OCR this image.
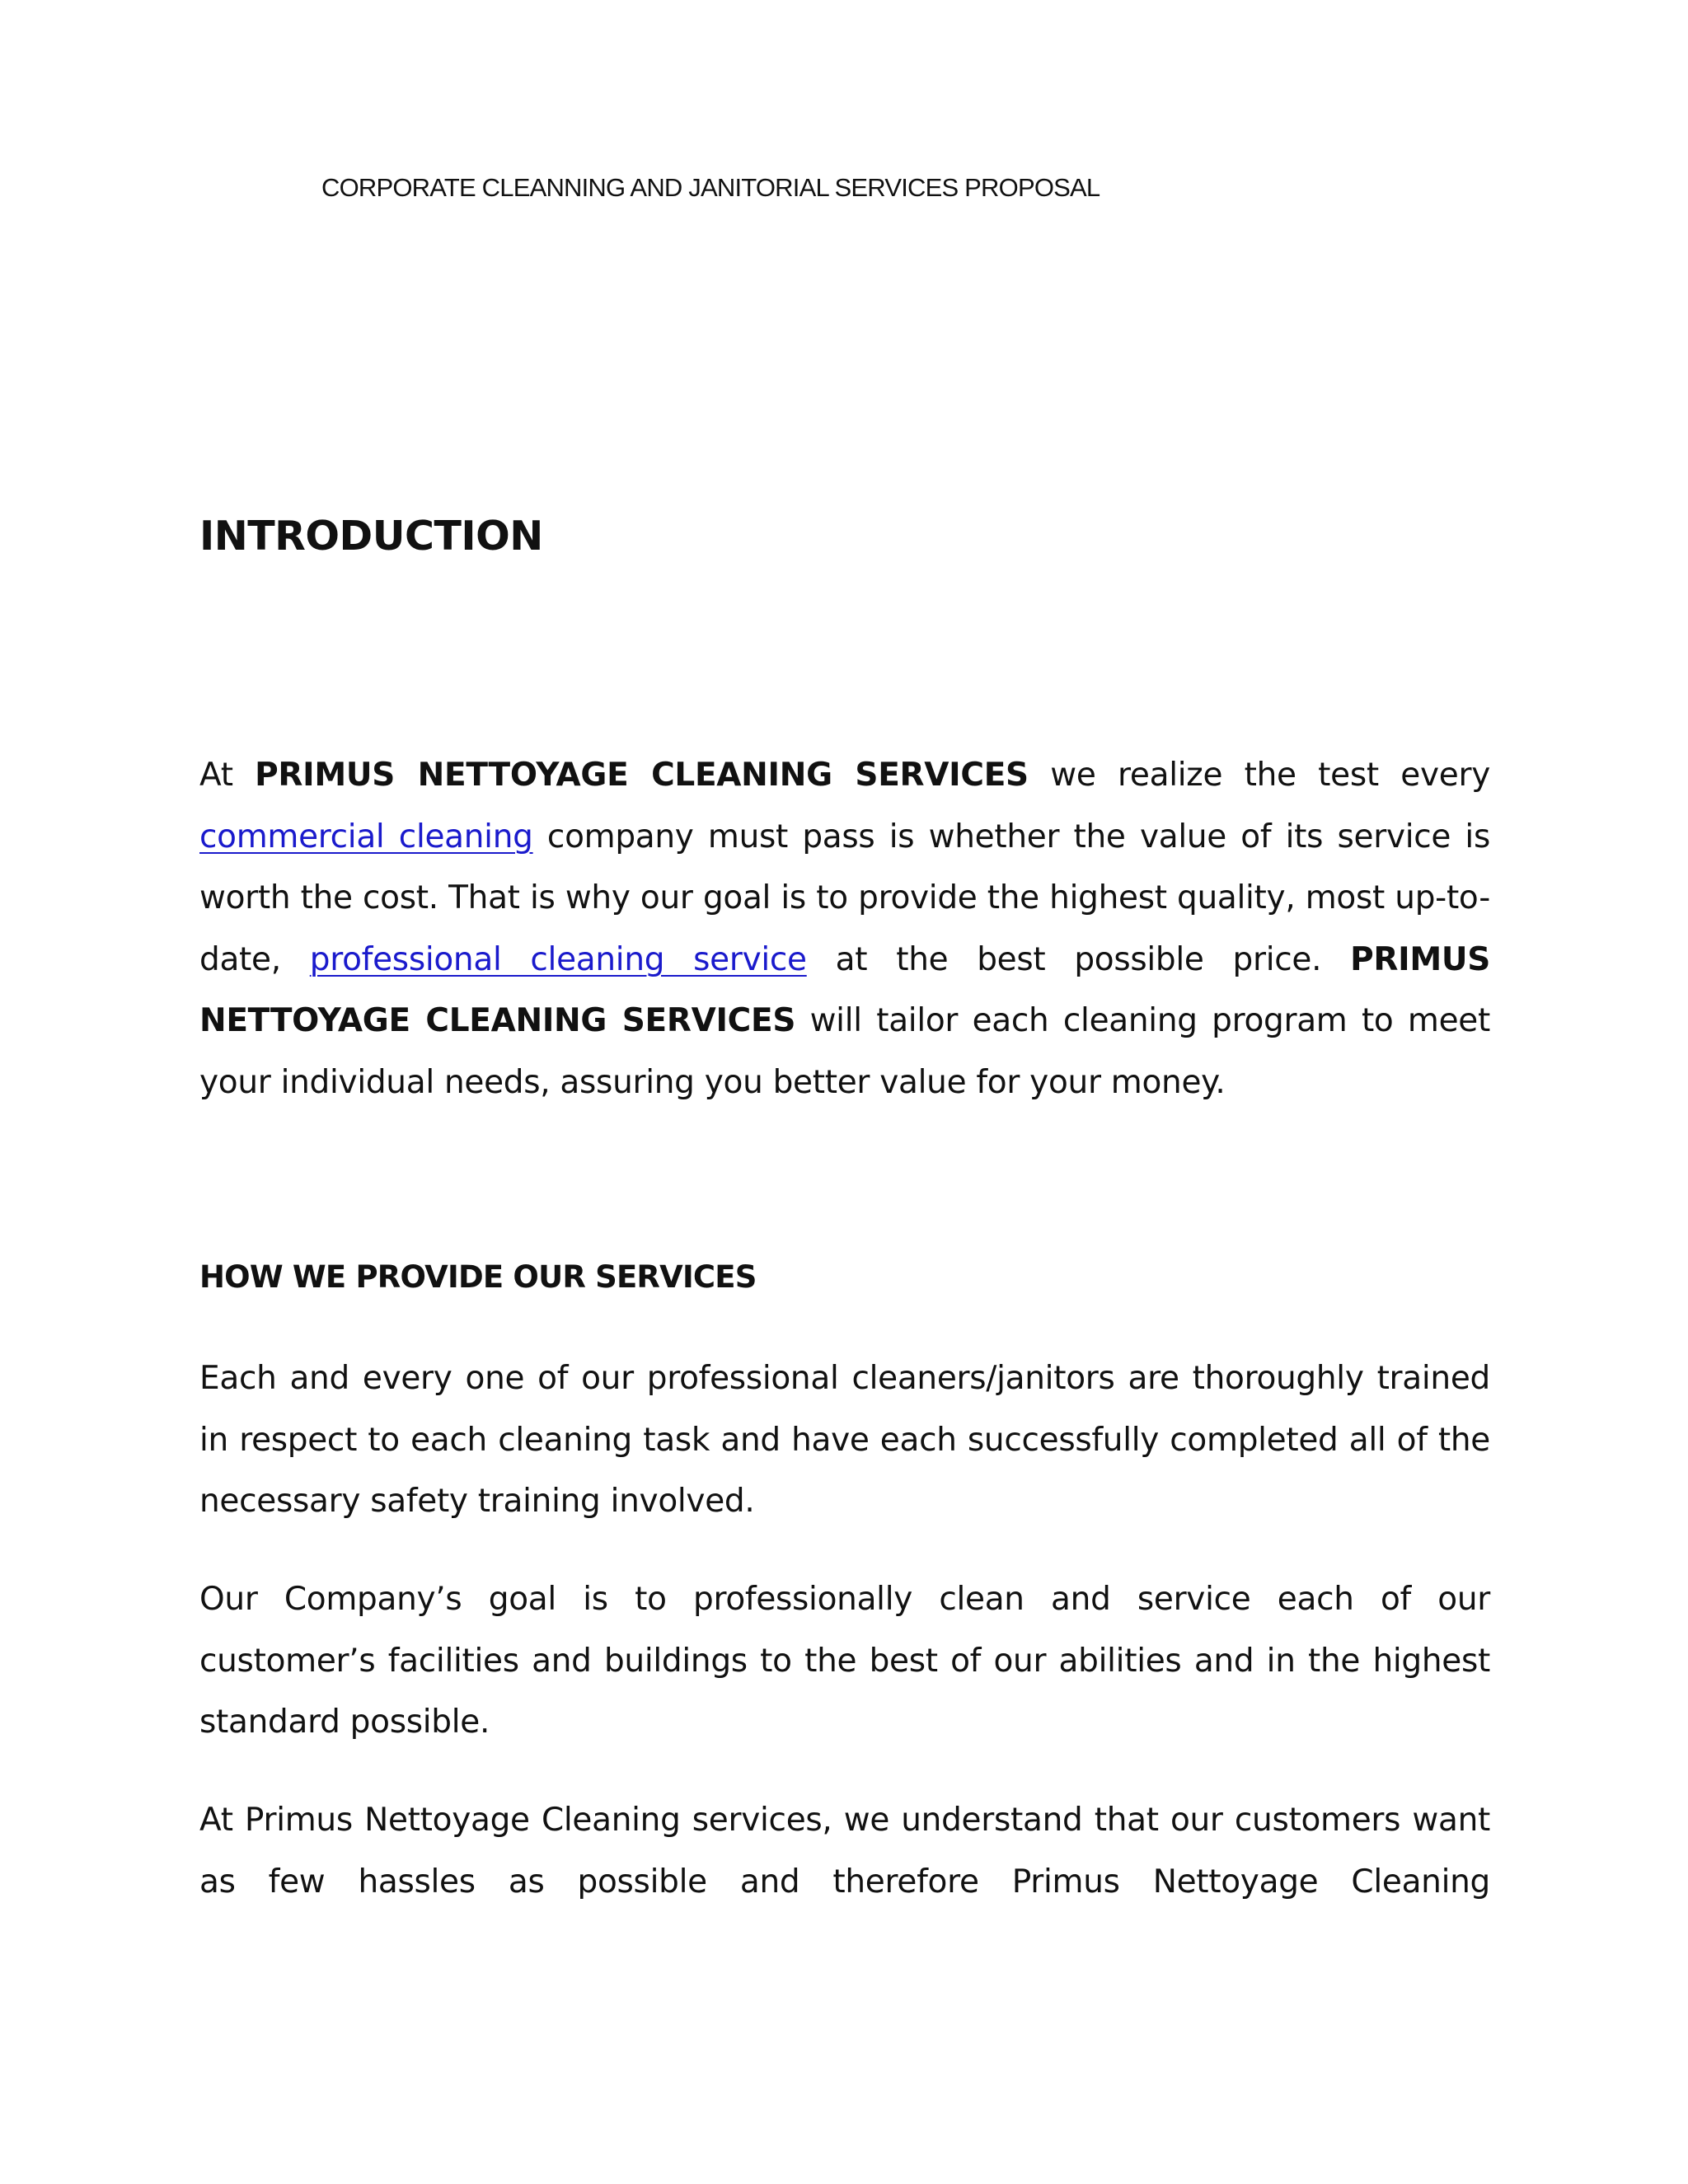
CORPORATE CLEANNING AND JANITORIAL SERVICES PROPOSAL
INTRODUCTION

At PRIMUS NETTOYAGE CLEANING SERVICES we realize the test every commercial cleaning company must pass is whether the value of its service is worth the cost. That is why our goal is to provide the highest quality, most up-to-date, professional cleaning service at the best possible price. PRIMUS NETTOYAGE CLEANING SERVICES will tailor each cleaning program to meet your individual needs, assuring you better value for your money.

HOW WE PROVIDE OUR SERVICES

Each and every one of our professional cleaners/janitors are thoroughly trained in respect to each cleaning task and have each successfully completed all of the necessary safety training involved.

Our Company’s goal is to professionally clean and service each of our customer’s facilities and buildings to the best of our abilities and in the highest standard possible.

At Primus Nettoyage Cleaning services, we understand that our customers want as few hassles as possible and therefore Primus Nettoyage Cleaning
